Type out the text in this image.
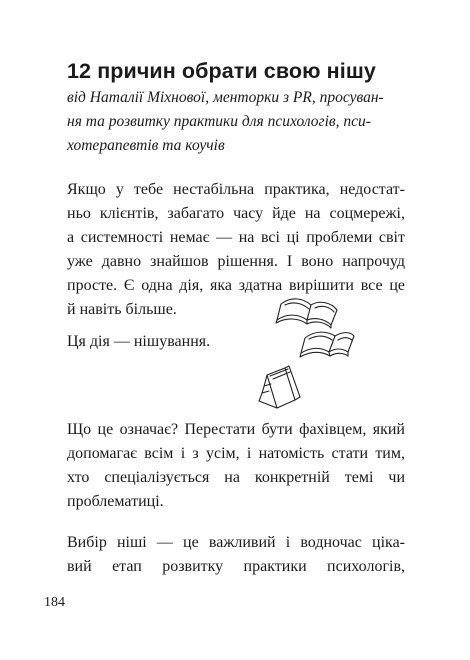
12 причин обрати свою нішу

від Наталії Міхнової, менторки з PR, просуван-
ня та розвитку практики для психологів, пси-
хотерапевтів та коучів

Якщо у тебе нестабільна практика, недостат-
ньо клієнтів, забагато часу йде на соцмережі,
а системності немає — на всі ці проблеми світ
уже давно знайшов рішення. І воно напрочуд
просте. Є одна дія, яка здатна вирішити все це
й навіть більше.

Ця дія — нішування.

Що це означає? Перестати бути фахівцем, який
допомагає всім і з усім, і натомість стати тим,
хто спеціалізується на конкретній темі чи
проблематиці.

Вибір ніші — це важливий і водночас ціка-
вий етап розвитку практики психологів,

184
